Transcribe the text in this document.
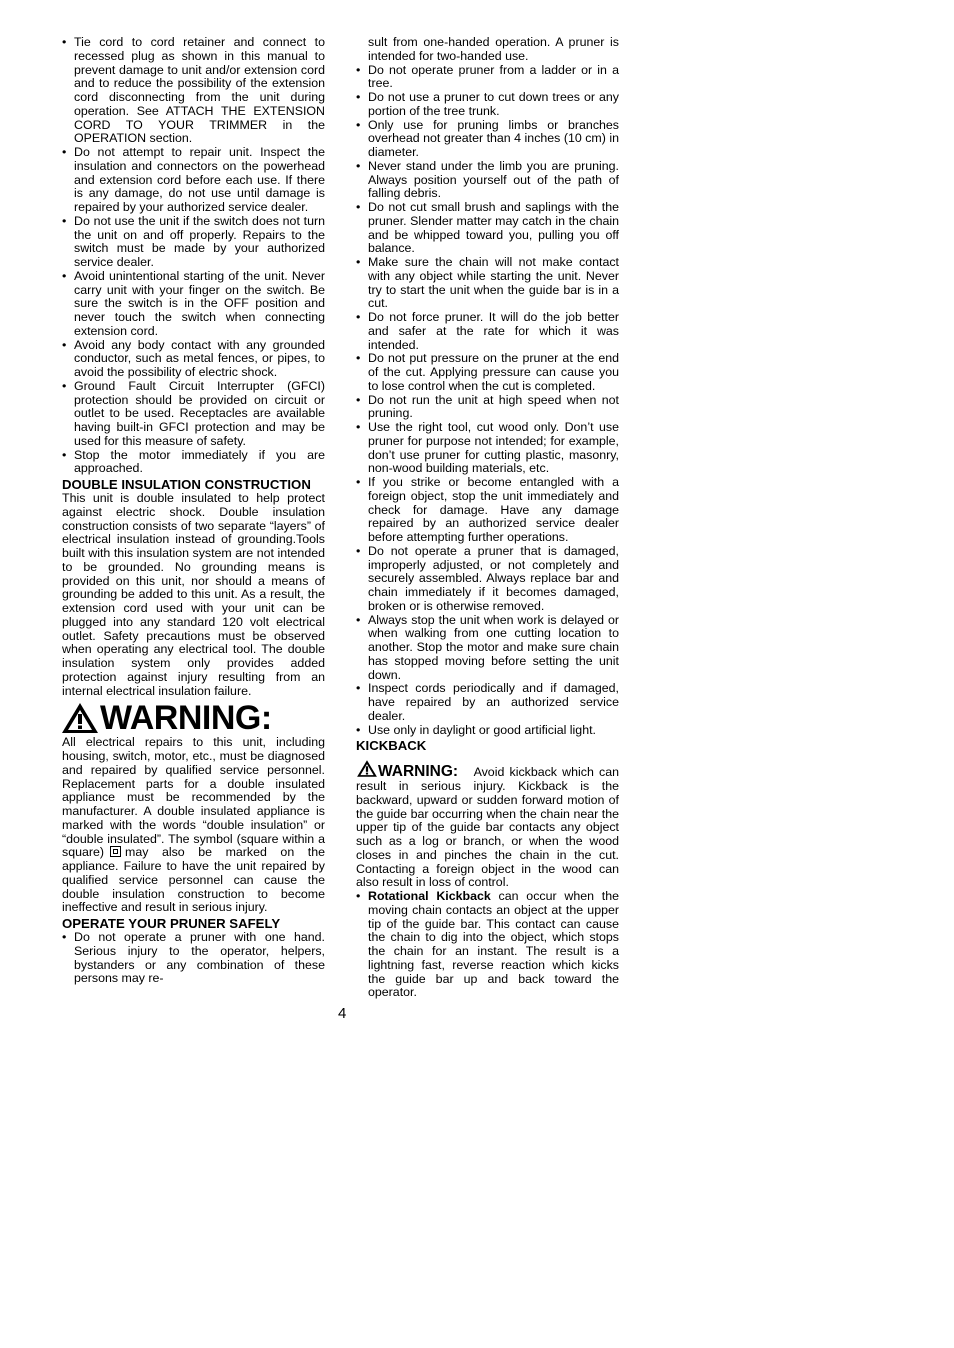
• Tie cord to cord retainer and connect to recessed plug as shown in this manual to prevent damage to unit and/or extension cord and to reduce the possibility of the extension cord disconnecting from the unit during operation. See ATTACH THE EXTENSION CORD TO YOUR TRIMMER in the OPERATION section.
• Do not attempt to repair unit. Inspect the insulation and connectors on the powerhead and extension cord before each use. If there is any damage, do not use until damage is repaired by your authorized service dealer.
• Do not use the unit if the switch does not turn the unit on and off properly. Repairs to the switch must be made by your authorized service dealer.
• Avoid unintentional starting of the unit. Never carry unit with your finger on the switch. Be sure the switch is in the OFF position and never touch the switch when connecting extension cord.
• Avoid any body contact with any grounded conductor, such as metal fences, or pipes, to avoid the possibility of electric shock.
• Ground Fault Circuit Interrupter (GFCI) protection should be provided on circuit or outlet to be used. Receptacles are available having built-in GFCI protection and may be used for this measure of safety.
• Stop the motor immediately if you are approached.
DOUBLE INSULATION CONSTRUCTION

This unit is double insulated to help protect against electric shock. Double insulation construction consists of two separate “layers” of electrical insulation instead of grounding.Tools built with this insulation system are not intended to be grounded. No grounding means is provided on this unit, nor should a means of grounding be added to this unit. As a result, the extension cord used with your unit can be plugged into any standard 120 volt electrical outlet. Safety precautions must be observed when operating any electrical tool. The double insulation system only provides added protection against injury resulting from an internal electrical insulation failure.

WARNING:

All electrical repairs to this unit, including housing, switch, motor, etc., must be diagnosed and repaired by qualified service personnel. Replacement parts for a double insulated appliance must be recommended by the manufacturer. A double insulated appliance is marked with the words “double insulation” or “double insulated”. The symbol (square within a square) may also be marked on the appliance. Failure to have the unit repaired by qualified service personnel can cause the double insulation construction to become ineffective and result in serious injury.

OPERATE YOUR PRUNER SAFELY
• Do not operate a pruner with one hand. Serious injury to the operator, helpers, bystanders or any combination of these persons may re-

sult from one-handed operation. A pruner is intended for two-handed use.

• Do not operate pruner from a ladder or in a tree.
• Do not use a pruner to cut down trees or any portion of the tree trunk.
• Only use for pruning limbs or branches overhead not greater than 4 inches (10 cm) in diameter.
• Never stand under the limb you are pruning. Always position yourself out of the path of falling debris.
• Do not cut small brush and saplings with the pruner. Slender matter may catch in the chain and be whipped toward you, pulling you off balance.
• Make sure the chain will not make contact with any object while starting the unit. Never try to start the unit when the guide bar is in a cut.
• Do not force pruner. It will do the job better and safer at the rate for which it was intended.
• Do not put pressure on the pruner at the end of the cut. Applying pressure can cause you to lose control when the cut is completed.
• Do not run the unit at high speed when not pruning.
• Use the right tool, cut wood only. Don’t use pruner for purpose not intended; for example, don’t use pruner for cutting plastic, masonry, non-wood building materials, etc.
• If you strike or become entangled with a foreign object, stop the unit immediately and check for damage. Have any damage repaired by an authorized service dealer before attempting further operations.
• Do not operate a pruner that is damaged, improperly adjusted, or not completely and securely assembled. Always replace bar and chain immediately if it becomes damaged, broken or is otherwise removed.
• Always stop the unit when work is delayed or when walking from one cutting location to another. Stop the motor and make sure chain has stopped moving before setting the unit down.
• Inspect cords periodically and if damaged, have repaired by an authorized service dealer.
• Use only in daylight or good artificial light.
KICKBACK

WARNING: Avoid kickback which can result in serious injury. Kickback is the backward, upward or sudden forward motion of the guide bar occurring when the chain near the upper tip of the guide bar contacts any object such as a log or branch, or when the wood closes in and pinches the chain in the cut. Contacting a foreign object in the wood can also result in loss of control.

• Rotational Kickback can occur when the moving chain contacts an object at the upper tip of the guide bar. This contact can cause the chain to dig into the object, which stops the chain for an instant. The result is a lightning fast, reverse reaction which kicks the guide bar up and back toward the operator.
4
